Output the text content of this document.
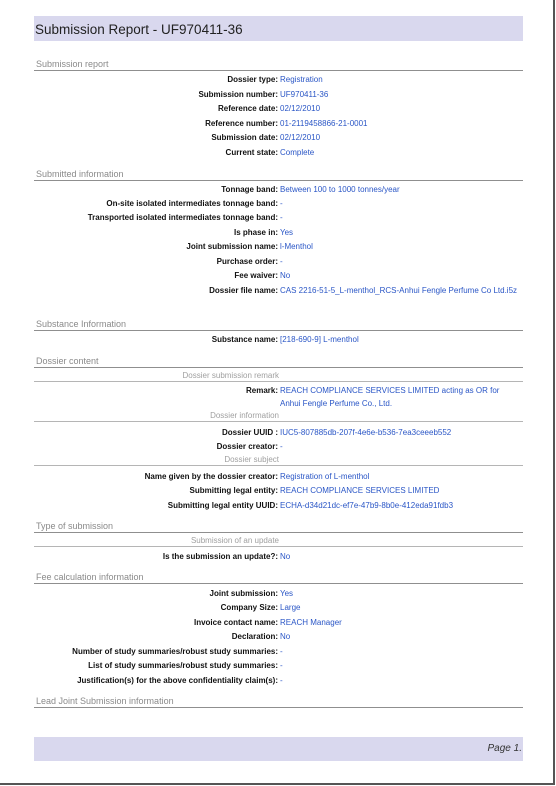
Submission Report - UF970411-36
Submission report
Dossier type: Registration
Submission number: UF970411-36
Reference date: 02/12/2010
Reference number: 01-2119458866-21-0001
Submission date: 02/12/2010
Current state: Complete
Submitted information
Tonnage band: Between 100 to 1000 tonnes/year
On-site isolated intermediates tonnage band: -
Transported isolated intermediates tonnage band: -
Is phase in: Yes
Joint submission name: l-Menthol
Purchase order: -
Fee waiver: No
Dossier file name: CAS 2216-51-5_L-menthol_RCS-Anhui Fengle Perfume Co Ltd.i5z
Substance Information
Substance name: [218-690-9] L-menthol
Dossier content
Dossier submission remark
Remark: REACH COMPLIANCE SERVICES LIMITED acting as OR for Anhui Fengle Perfume Co., Ltd.
Dossier information
Dossier UUID : IUC5-807885db-207f-4e6e-b536-7ea3ceeeb552
Dossier creator: -
Dossier subject
Name given by the dossier creator: Registration of L-menthol
Submitting legal entity: REACH COMPLIANCE SERVICES LIMITED
Submitting legal entity UUID: ECHA-d34d21dc-ef7e-47b9-8b0e-412eda91fdb3
Type of submission
Submission of an update
Is the submission an update?: No
Fee calculation information
Joint submission: Yes
Company Size: Large
Invoice contact name: REACH Manager
Declaration: No
Number of study summaries/robust study summaries: -
List of study summaries/robust study summaries: -
Justification(s) for the above confidentiality claim(s): -
Lead Joint Submission information
Page 1.
